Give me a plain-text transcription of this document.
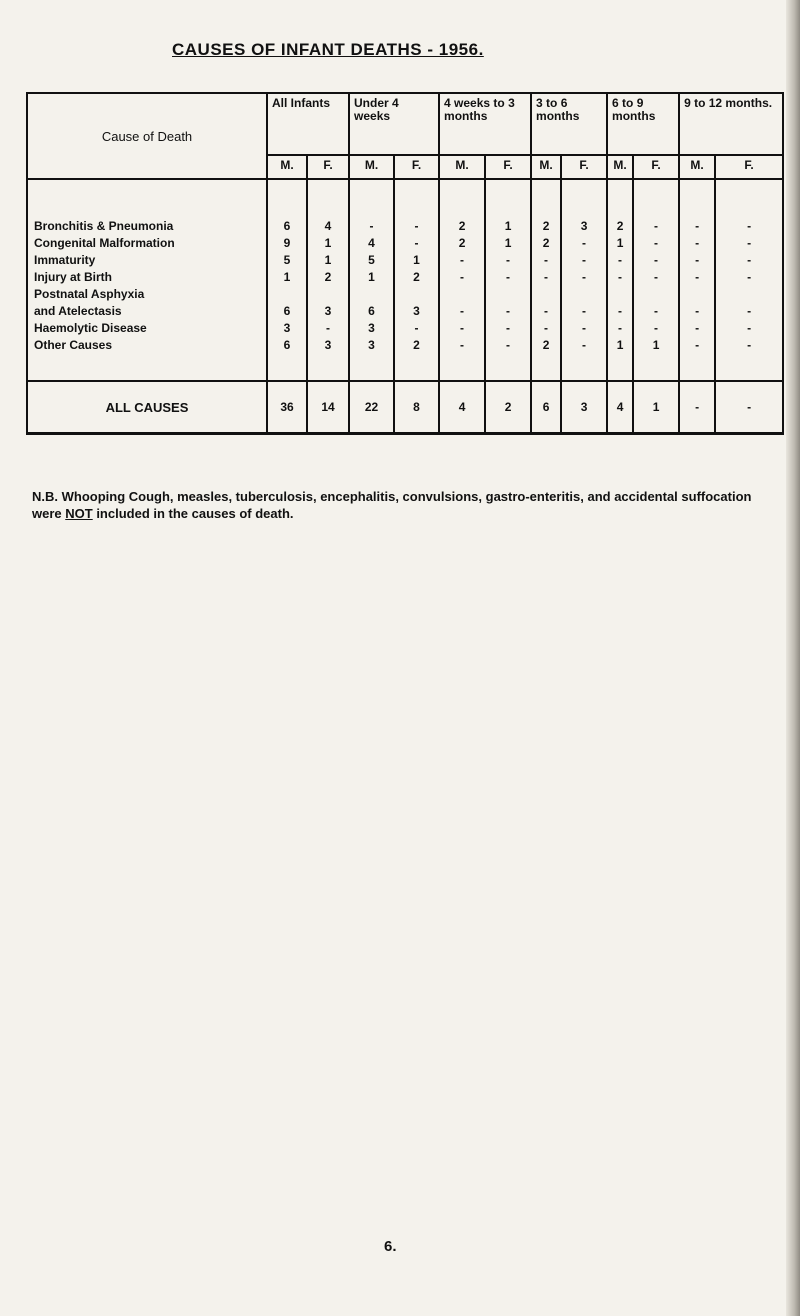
CAUSES OF INFANT DEATHS - 1956.
Cause of Death	All Infants		Under 4 weeks		4 weeks to 3 months		3 to 6 months		6 to 9 months		9 to 12 months.	
	M.	F.	M.	F.	M.	F.	M.	F.	M.	F.	M.	F.

Bronchitis & Pneumonia	6	4	-	-	2	1	2	3	2	-	-	-
Congenital Malformation	9	1	4	-	2	1	2	-	1	-	-	-
Immaturity	5	1	5	1	-	-	-	-	-	-	-	-
Injury at Birth	1	2	1	2	-	-	-	-	-	-	-	-
Postnatal Asphyxia												
and Atelectasis	6	3	6	3	-	-	-	-	-	-	-	-
Haemolytic Disease	3	-	3	-	-	-	-	-	-	-	-	-
Other Causes	6	3	3	2	-	-	2	-	1	1	-	-

ALL CAUSES	36	14	22	8	4	2	6	3	4	1	-	-
N.B. Whooping Cough, measles, tuberculosis, encephalitis, convulsions, gastro-enteritis, and accidental suffocation were NOT included in the causes of death.
6.
